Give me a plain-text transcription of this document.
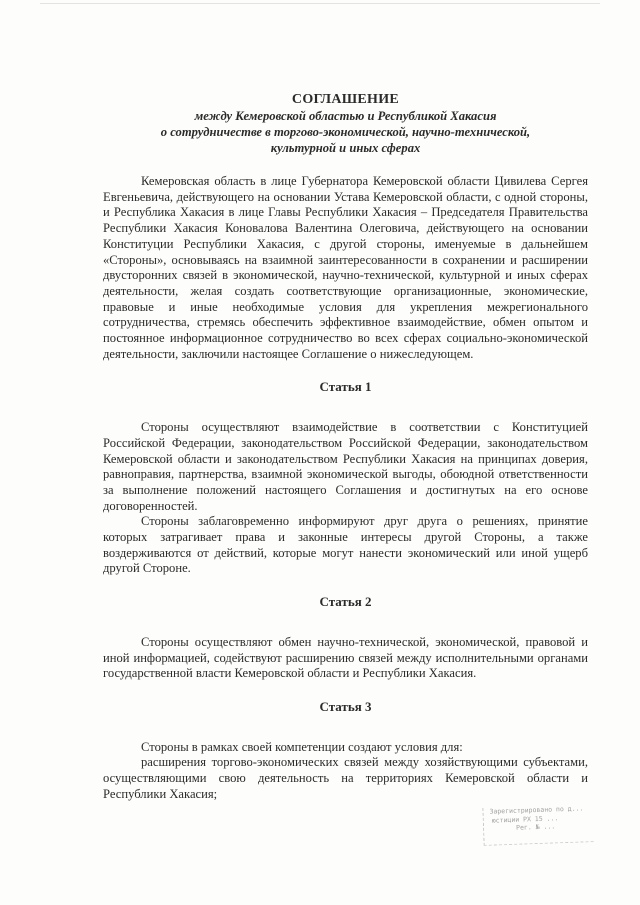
СОГЛАШЕНИЕ
между Кемеровской областью и Республикой Хакасия
о сотрудничестве в торгово-экономической, научно-технической,
культурной и иных сферах

Кемеровская область в лице Губернатора Кемеровской области Цивилева Сергея Евгеньевича, действующего на основании Устава Кемеровской области, с одной стороны, и Республика Хакасия в лице Главы Республики Хакасия – Председателя Правительства Республики Хакасия Коновалова Валентина Олеговича, действующего на основании Конституции Республики Хакасия, с другой стороны, именуемые в дальнейшем «Стороны», основываясь на взаимной заинтересованности в сохранении и расширении двусторонних связей в экономической, научно-технической, культурной и иных сферах деятельности, желая создать соответствующие организационные, экономические, правовые и иные необходимые условия для укрепления межрегионального сотрудничества, стремясь обеспечить эффективное взаимодействие, обмен опытом и постоянное информационное сотрудничество во всех сферах социально-экономической деятельности, заключили настоящее Соглашение о нижеследующем.

Статья 1

Стороны осуществляют взаимодействие в соответствии с Конституцией Российской Федерации, законодательством Российской Федерации, законодательством Кемеровской области и законодательством Республики Хакасия на принципах доверия, равноправия, партнерства, взаимной экономической выгоды, обоюдной ответственности за выполнение положений настоящего Соглашения и достигнутых на его основе договоренностей.

Стороны заблаговременно информируют друг друга о решениях, принятие которых затрагивает права и законные интересы другой Стороны, а также воздерживаются от действий, которые могут нанести экономический или иной ущерб другой Стороне.

Статья 2

Стороны осуществляют обмен научно-технической, экономической, правовой и иной информацией, содействуют расширению связей между исполнительными органами государственной власти Кемеровской области и Республики Хакасия.

Статья 3

Стороны в рамках своей компетенции создают условия для:

расширения торгово-экономических связей между хозяйствующими субъектами, осуществляющими свою деятельность на территориях Кемеровской области и Республики Хакасия;

Зарегистрировано по д...
юстиции РХ 15 ...
Рег. № ...
